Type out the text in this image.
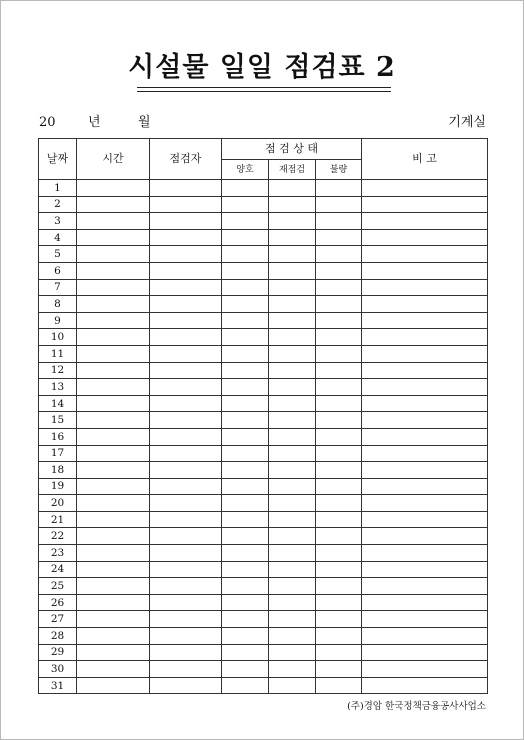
시설물 일일 점검표 2
20 년	월	기계실
날짜	시간	점검자	점 검 상 태			비 고
			양호	재점검	불량	
1						
2						
3						
4						
5						
6						
7						
8						
9						
10						
11						
12						
13						
14						
15						
16						
17						
18						
19						
20						
21						
22						
23						
24						
25						
26						
27						
28						
29						
30						
31						
(주)경암 한국정책금융공사사업소
